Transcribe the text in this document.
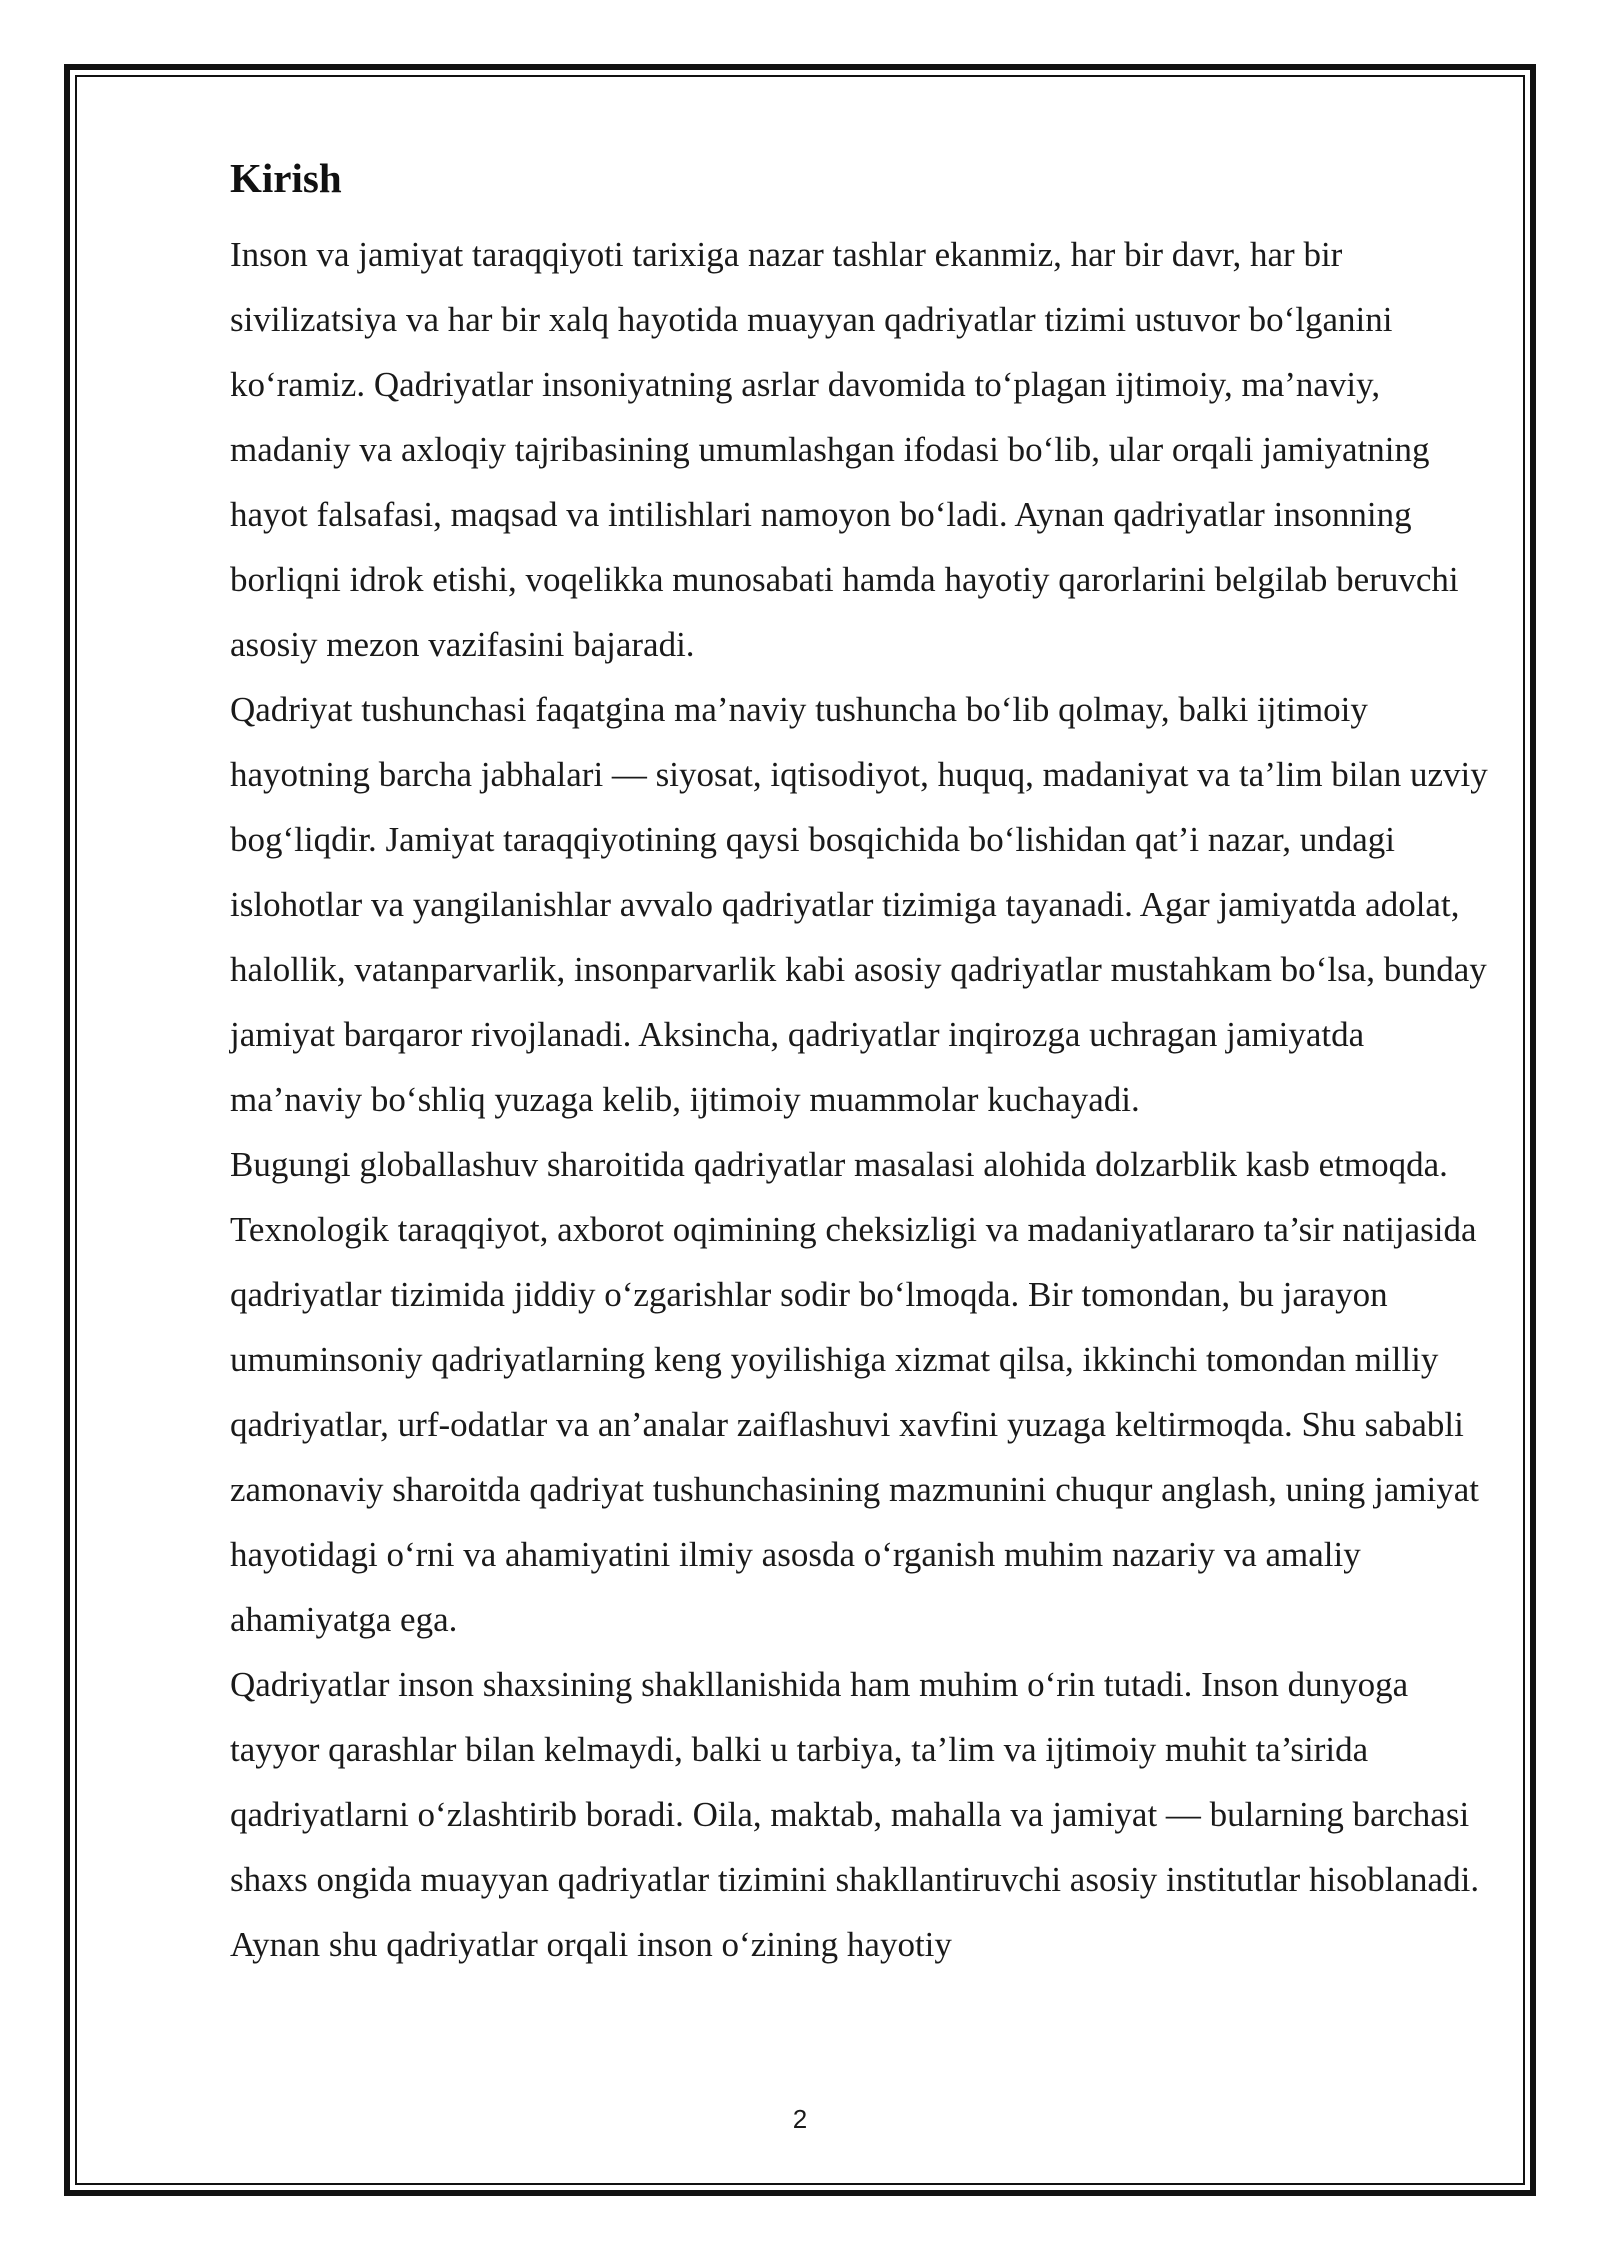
Kirish

Inson va jamiyat taraqqiyoti tarixiga nazar tashlar ekanmiz, har bir davr, har bir sivilizatsiya va har bir xalq hayotida muayyan qadriyatlar tizimi ustuvor bo‘lganini ko‘ramiz. Qadriyatlar insoniyatning asrlar davomida to‘plagan ijtimoiy, ma’naviy, madaniy va axloqiy tajribasining umumlashgan ifodasi bo‘lib, ular orqali jamiyatning hayot falsafasi, maqsad va intilishlari namoyon bo‘ladi. Aynan qadriyatlar insonning borliqni idrok etishi, voqelikka munosabati hamda hayotiy qarorlarini belgilab beruvchi asosiy mezon vazifasini bajaradi.

Qadriyat tushunchasi faqatgina ma’naviy tushuncha bo‘lib qolmay, balki ijtimoiy hayotning barcha jabhalari — siyosat, iqtisodiyot, huquq, madaniyat va ta’lim bilan uzviy bog‘liqdir. Jamiyat taraqqiyotining qaysi bosqichida bo‘lishidan qat’i nazar, undagi islohotlar va yangilanishlar avvalo qadriyatlar tizimiga tayanadi. Agar jamiyatda adolat, halollik, vatanparvarlik, insonparvarlik kabi asosiy qadriyatlar mustahkam bo‘lsa, bunday jamiyat barqaror rivojlanadi. Aksincha, qadriyatlar inqirozga uchragan jamiyatda ma’naviy bo‘shliq yuzaga kelib, ijtimoiy muammolar kuchayadi.

Bugungi globallashuv sharoitida qadriyatlar masalasi alohida dolzarblik kasb etmoqda. Texnologik taraqqiyot, axborot oqimining cheksizligi va madaniyatlararo ta’sir natijasida qadriyatlar tizimida jiddiy o‘zgarishlar sodir bo‘lmoqda. Bir tomondan, bu jarayon umuminsoniy qadriyatlarning keng yoyilishiga xizmat qilsa, ikkinchi tomondan milliy qadriyatlar, urf-odatlar va an’analar zaiflashuvi xavfini yuzaga keltirmoqda. Shu sababli zamonaviy sharoitda qadriyat tushunchasining mazmunini chuqur anglash, uning jamiyat hayotidagi o‘rni va ahamiyatini ilmiy asosda o‘rganish muhim nazariy va amaliy ahamiyatga ega.

Qadriyatlar inson shaxsining shakllanishida ham muhim o‘rin tutadi. Inson dunyoga tayyor qarashlar bilan kelmaydi, balki u tarbiya, ta’lim va ijtimoiy muhit ta’sirida qadriyatlarni o‘zlashtirib boradi. Oila, maktab, mahalla va jamiyat — bularning barchasi shaxs ongida muayyan qadriyatlar tizimini shakllantiruvchi asosiy institutlar hisoblanadi. Aynan shu qadriyatlar orqali inson o‘zining hayotiy

2
